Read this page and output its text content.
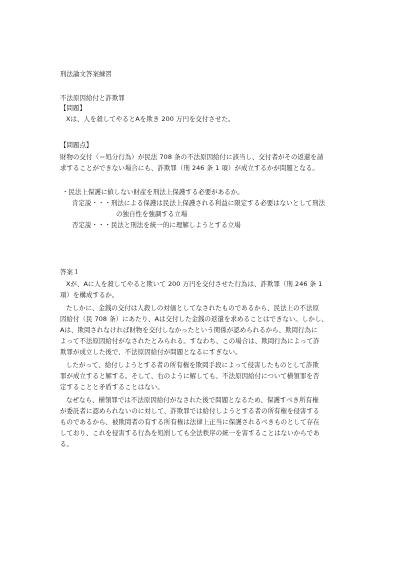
刑法論文答案練習
不法原因給付と詐欺罪
【問題】
Xは、人を殺してやるとAを欺き 200 万円を交付させた。
【問題点】
財物の交付（＝処分行為）が民法 708 条の不法原因給付に該当し、交付者がその返還を請
求することができない場合にも、詐欺罪（刑 246 条 1 項）が成立するかが問題となる。
・民法上保護に値しない財産を刑法上保護する必要があるか。
肯定説・・・刑法による保護は民法上保護される利益に限定する必要はないとして刑法
の独自性を強調する立場
否定説・・・民法と刑法を統一的に理解しようとする立場
答案１
Xが、Aに人を殺してやると欺いて 200 万円を交付させた行為は、詐欺罪（刑 246 条 1
項）を構成するか。
たしかに、金銭の交付は人殺しの対価としてなされたものであるから、民法上の不法原
因給付（民 708 条）にあたり、Aは交付した金銭の返還を求めることはできない。しかし、
Aは、欺罔されなければ財物を交付しなかったという関係が認められるから、欺罔行為に
よって不法原因給付がなされたとみられる。すなわち、この場合は、欺罔行為によって詐
欺罪が成立した後で、不法原因給付が問題となるにすぎない。
したがって、給付しようとする者の所有権を欺罔手段によって侵害したものとして詐欺
罪が成立すると解する。そして、右のように解しても、不法原因給付について横領罪を否
定することと矛盾することはない。
なぜなら、横領罪では不法原因給付がなされた後で問題となるため、保護すべき所有権
が委託者に認められないのに対して、詐欺罪では給付しようとする者の所有権を侵害する
ものであるから、被欺罔者の有する所有権は法律上正当に保護されるべきものとして存在
しており、これを侵害する行為を処罰しても全法秩序の統一を害することはないからであ
る。
